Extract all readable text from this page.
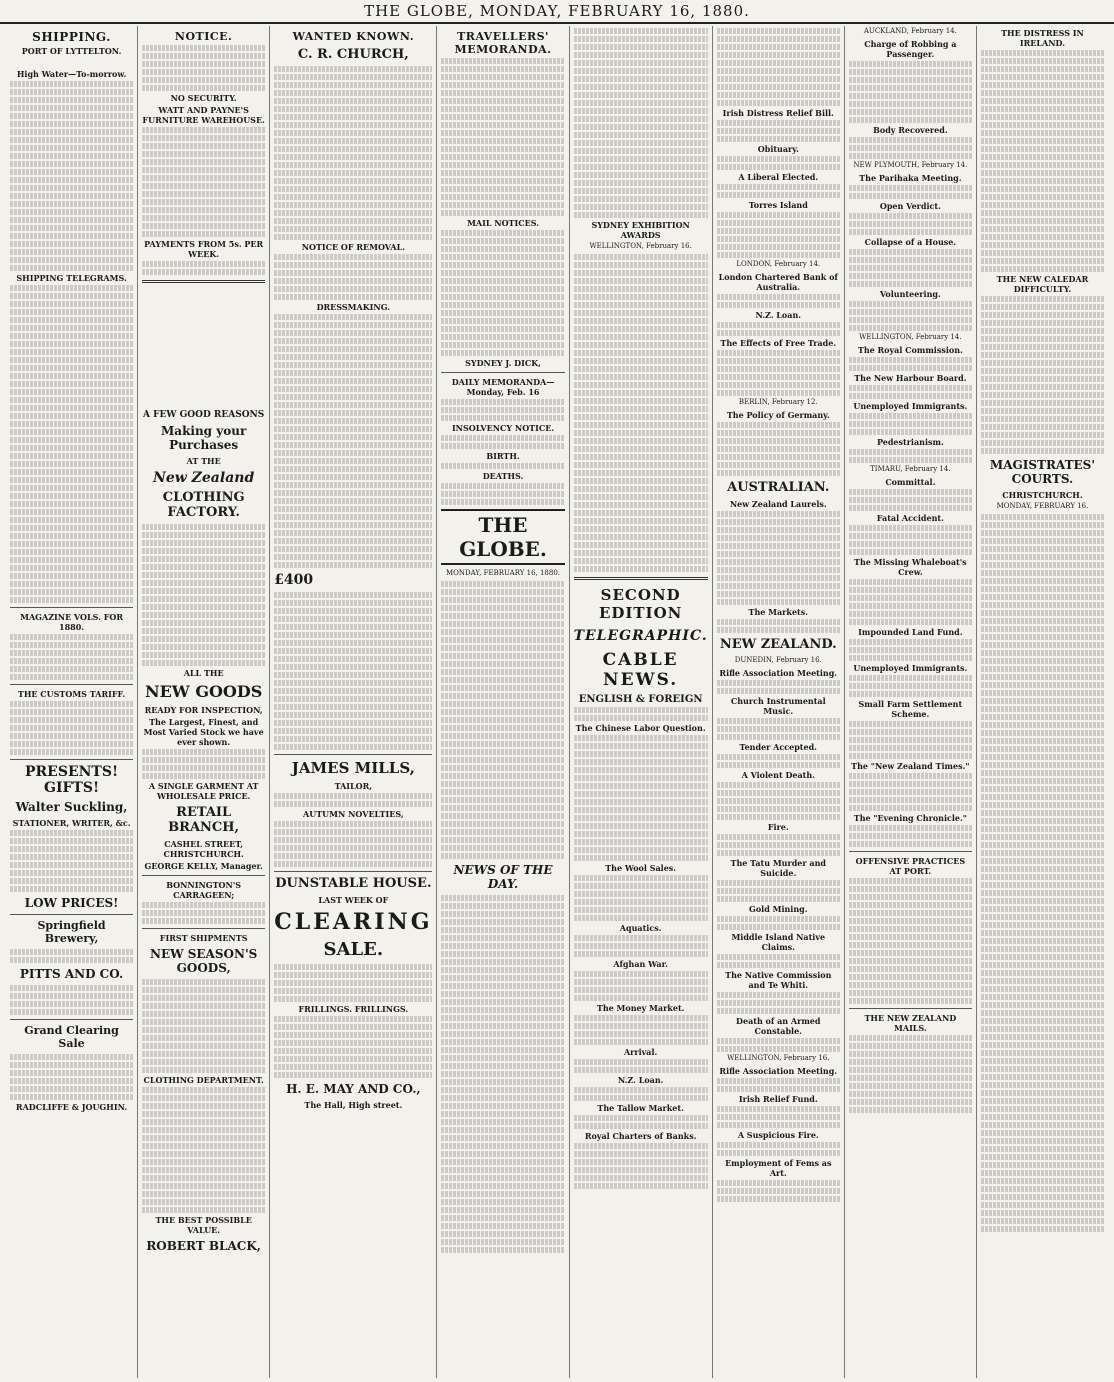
THE GLOBE, MONDAY, FEBRUARY 16, 1880.
SHIPPING.
PORT OF LYTTELTON.

High Water—To-morrow.
SHIPPING TELEGRAMS.
MAGAZINE VOLS. FOR 1880.
THE CUSTOMS TARIFF.
PRESENTS! GIFTS!
Walter Suckling,
STATIONER, WRITER, &c.
LOW PRICES!
Springfield Brewery,
PITTS AND CO.
Grand Clearing Sale
RADCLIFFE & JOUGHIN.
NOTICE.
NO SECURITY.
WATT AND PAYNE'S FURNITURE WAREHOUSE.
PAYMENTS FROM 5s. PER WEEK.
A FEW GOOD REASONS
Making your Purchases
AT THE
New Zealand
CLOTHING FACTORY.
ALL THE
NEW GOODS
READY FOR INSPECTION,
The Largest, Finest, and Most Varied Stock we have ever shown.
A SINGLE GARMENT AT WHOLESALE PRICE.
RETAIL BRANCH,
CASHEL STREET, CHRISTCHURCH.
GEORGE KELLY, Manager.
BONNINGTON'S CARRAGEEN;
FIRST SHIPMENTS
NEW SEASON'S GOODS,
CLOTHING DEPARTMENT.
THE BEST POSSIBLE VALUE.
ROBERT BLACK,
WANTED KNOWN.
C. R. CHURCH,
NOTICE OF REMOVAL.
DRESSMAKING.
£400
JAMES MILLS,
TAILOR,
AUTUMN NOVELTIES,
DUNSTABLE HOUSE.
LAST WEEK OF
CLEARING
SALE.
FRILLINGS. FRILLINGS.
H. E. MAY AND CO.,
The Hall, High street.
TRAVELLERS' MEMORANDA.
MAIL NOTICES.
SYDNEY J. DICK,
DAILY MEMORANDA—Monday, Feb. 16
INSOLVENCY NOTICE.
BIRTH.
DEATHS.
THE GLOBE.
MONDAY, FEBRUARY 16, 1880.
NEWS OF THE DAY.
SYDNEY EXHIBITION AWARDS
WELLINGTON, February 16.
SECOND EDITION
TELEGRAPHIC.
CABLE NEWS.
ENGLISH & FOREIGN
The Chinese Labor Question.
The Wool Sales.
Aquatics.
Afghan War.
The Money Market.
Arrival.
N.Z. Loan.
The Tallow Market.
Royal Charters of Banks.
Irish Distress Relief Bill.
Obituary.
A Liberal Elected.
Torres Island
LONDON, February 14.
London Chartered Bank of Australia.
N.Z. Loan.
The Effects of Free Trade.
BERLIN, February 12.
The Policy of Germany.
AUSTRALIAN.
New Zealand Laurels.
The Markets.
NEW ZEALAND.
DUNEDIN, February 16.
Rifle Association Meeting.
Church Instrumental Music.
Tender Accepted.
A Violent Death.
Fire.
The Tatu Murder and Suicide.
Gold Mining.
Middle Island Native Claims.
The Native Commission and Te Whiti.
Death of an Armed Constable.
WELLINGTON, February 16.
Rifle Association Meeting.
Irish Relief Fund.
A Suspicious Fire.
Employment of Fems as Art.
AUCKLAND, February 14.
Charge of Robbing a Passenger.
Body Recovered.
NEW PLYMOUTH, February 14.
The Parihaka Meeting.
Open Verdict.
Collapse of a House.
Volunteering.
WELLINGTON, February 14.
The Royal Commission.
The New Harbour Board.
Unemployed Immigrants.
Pedestrianism.
TIMARU, February 14.
Committal.
Fatal Accident.
The Missing Whaleboat's Crew.
Impounded Land Fund.
Unemployed Immigrants.
Small Farm Settlement Scheme.
The "New Zealand Times."
The "Evening Chronicle."
OFFENSIVE PRACTICES AT PORT.
THE NEW ZEALAND MAILS.
THE DISTRESS IN IRELAND.
THE NEW CALEDAR DIFFICULTY.
MAGISTRATES' COURTS.
CHRISTCHURCH.
MONDAY, FEBRUARY 16.
